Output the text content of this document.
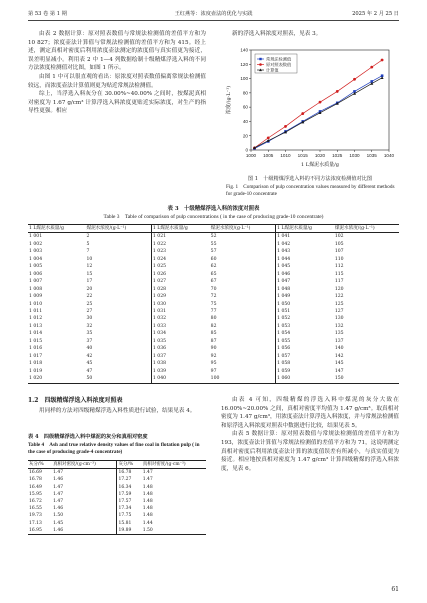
第 53 卷 第 1 期	王红燕等：浓度壶法的优化与实践	2025 年 2 月 25 日

由表 2 数据计算：原对照表数值与常规法检测值的差值平方和为 10 827；浓度壶法计算值与常规法检测值的差值平方和为 415。经上述，测定真相对密度后利用浓度壶法测定的浓度值与真实值更为接近，误差明显减小。利用表 2 中 1—4 列数据绘制十级精煤浮选入料的不同方法浓度检测值对比图，如图 1 所示。

由图 1 中可以很直观的看出：原浓度对照表数值偏离常规法检测值较远，而浓度壶法计算值则更为贴近常规法检测值。

综上，当浮选入料灰分在 30.00%~40.00% 之间时，按煤泥真相对密度为 1.67 g/cm³ 计算浮选入料浓度更贴近实际浓度，对生产的指导性更强。相应

新的浮选入料浓度对照表，见表 3。

1000 1005 1010 1015 1020 1025 1030 1035 1040
0
20
40
60
80
100
120
140
1 L煤泥水质量/g
浓度/(g·L⁻¹)
常规法检测值
原对照表数值
计算值
图 1　十级精煤浮选入料的不同方法浓度检测值对比图
Fig. 1　Comparison of pulp concentration values measured by different methods for grade-10 concentrate
表 3　十级精煤浮选入料的浓度对照表
Table 3　Table of comparison of pulp concentrations ( in the case of producing grade-10 concentrate)
1 L煤泥水质量/g	煤泥水浓度/(g·L⁻¹)	1 L煤泥水质量/g	煤泥水浓度/(g·L⁻¹)	1 L煤泥水质量/g	煤泥水浓度/(g·L⁻¹)
1 001	2	1 021	52	1 041	102
1 002	5	1 022	55	1 042	105
1 003	7	1 023	57	1 043	107
1 004	10	1 024	60	1 044	110
1 005	12	1 025	62	1 045	112
1 006	15	1 026	65	1 046	115
1 007	17	1 027	67	1 047	117
1 008	20	1 028	70	1 048	120
1 009	22	1 029	72	1 049	122
1 010	25	1 030	75	1 050	125
1 011	27	1 031	77	1 051	127
1 012	30	1 032	80	1 052	130
1 013	32	1 033	82	1 053	132
1 014	35	1 034	85	1 054	135
1 015	37	1 035	87	1 055	137
1 016	40	1 036	90	1 056	140
1 017	42	1 037	92	1 057	142
1 018	45	1 038	95	1 058	145
1 019	47	1 039	97	1 059	147
1 020	50	1 040	100	1 060	150
1.2　四级精煤浮选入料浓度对照表

用同样的方法对四级精煤浮选入料性质进行试验，结果见表 4。

表 4　四级精煤浮选入料中煤泥的灰分和真相对密度
Table 4　Ash and true relative density values of fine coal in flotation pulp ( in the case of producing grade-4 concentrate)
灰分/%	真相对密度/(g·cm⁻³)	灰分/%	真相对密度/(g·cm⁻³)
16.69	1.47	16.78	1.47
16.78	1.46	17.27	1.47
16.49	1.47	16.34	1.48
15.95	1.47	17.59	1.48
16.72	1.47	17.57	1.48
16.55	1.46	17.34	1.48
19.73	1.50	17.75	1.48
17.13	1.45	15.81	1.44
16.95	1.46	19.89	1.50

由表 4 可知，四级精煤的浮选入料中煤泥的灰分大致在 16.00%~20.00% 之间，真相对密度平均值为 1.47 g/cm³。取真相对密度为 1.47 g/cm³，用浓度壶法计算浮选入料浓度，并与常规法检测值和原浮选入料浓度对照表中数据进行比较，结果见表 5。

由表 5 数据计算：原对照表数值与常规法检测值的差值平方和为 193，浓度壶法计算值与常规法检测值的差值平方和为 71，这说明测定真相对密度后利用浓度壶法计算的浓度值误差有所减小，与真实值更为接近。相应地按真相对密度为 1.47 g/cm³ 计算四级精煤的浮选入料浓度，见表 6。

61
